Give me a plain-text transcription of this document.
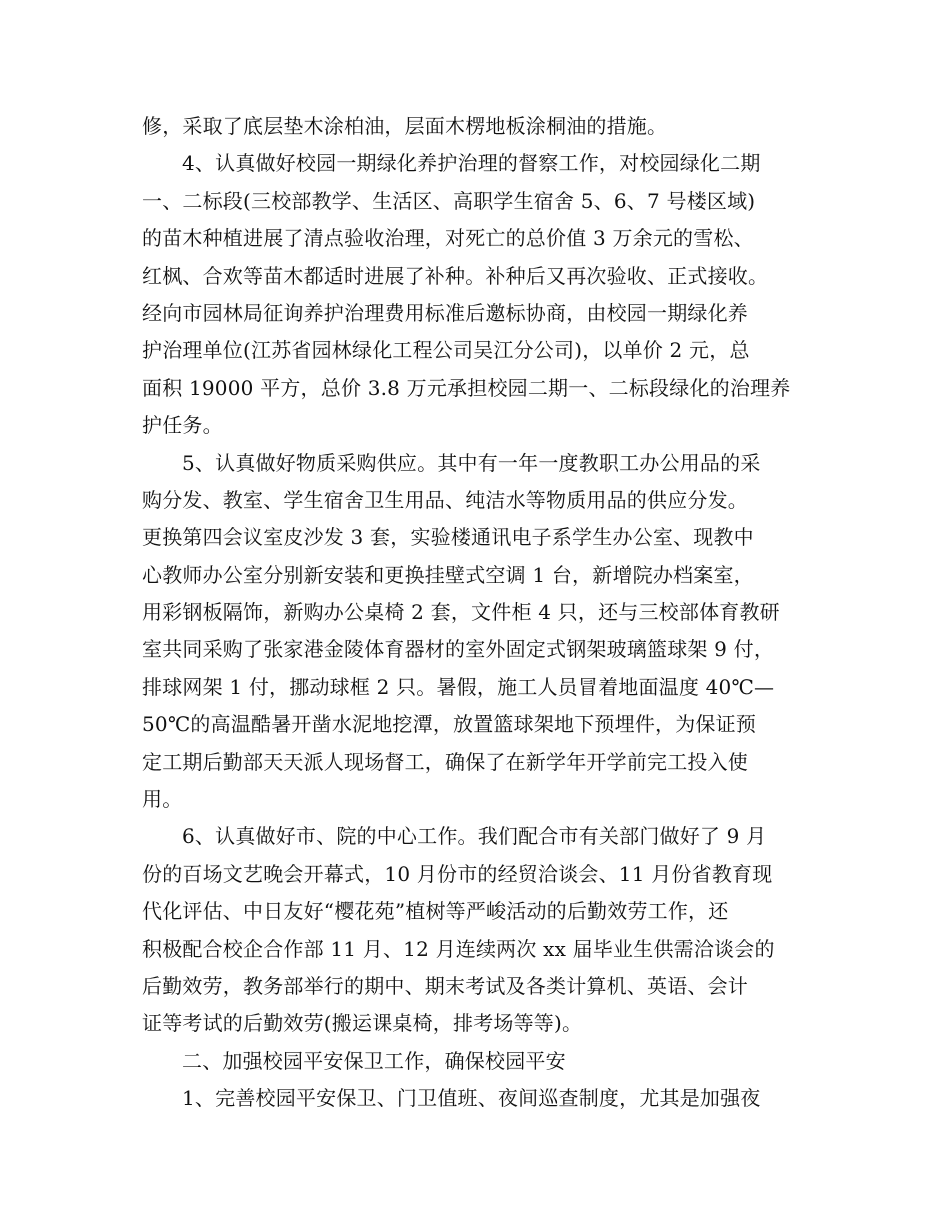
修，采取了底层垫木涂柏油，层面木楞地板涂桐油的措施。
4、认真做好校园一期绿化养护治理的督察工作，对校园绿化二期
一、二标段(三校部教学、生活区、高职学生宿舍 5、6、7 号楼区域)
的苗木种植进展了清点验收治理，对死亡的总价值 3 万余元的雪松、
红枫、合欢等苗木都适时进展了补种。补种后又再次验收、正式接收。
经向市园林局征询养护治理费用标准后邀标协商，由校园一期绿化养
护治理单位(江苏省园林绿化工程公司吴江分公司)，以单价 2 元，总
面积 19000 平方，总价 3.8 万元承担校园二期一、二标段绿化的治理养
护任务。
5、认真做好物质采购供应。其中有一年一度教职工办公用品的采
购分发、教室、学生宿舍卫生用品、纯洁水等物质用品的供应分发。
更换第四会议室皮沙发 3 套，实验楼通讯电子系学生办公室、现教中
心教师办公室分别新安装和更换挂壁式空调 1 台，新增院办档案室，
用彩钢板隔饰，新购办公桌椅 2 套，文件柜 4 只，还与三校部体育教研
室共同采购了张家港金陵体育器材的室外固定式钢架玻璃篮球架 9 付，
排球网架 1 付，挪动球框 2 只。暑假，施工人员冒着地面温度 40℃—
50℃的高温酷暑开凿水泥地挖潭，放置篮球架地下预埋件，为保证预
定工期后勤部天天派人现场督工，确保了在新学年开学前完工投入使
用。
6、认真做好市、院的中心工作。我们配合市有关部门做好了 9 月
份的百场文艺晚会开幕式，10 月份市的经贸洽谈会、11 月份省教育现
代化评估、中日友好“樱花苑”植树等严峻活动的后勤效劳工作，还
积极配合校企合作部 11 月、12 月连续两次 xx 届毕业生供需洽谈会的
后勤效劳，教务部举行的期中、期末考试及各类计算机、英语、会计
证等考试的后勤效劳(搬运课桌椅，排考场等等)。
二、加强校园平安保卫工作，确保校园平安
1、完善校园平安保卫、门卫值班、夜间巡查制度，尤其是加强夜
